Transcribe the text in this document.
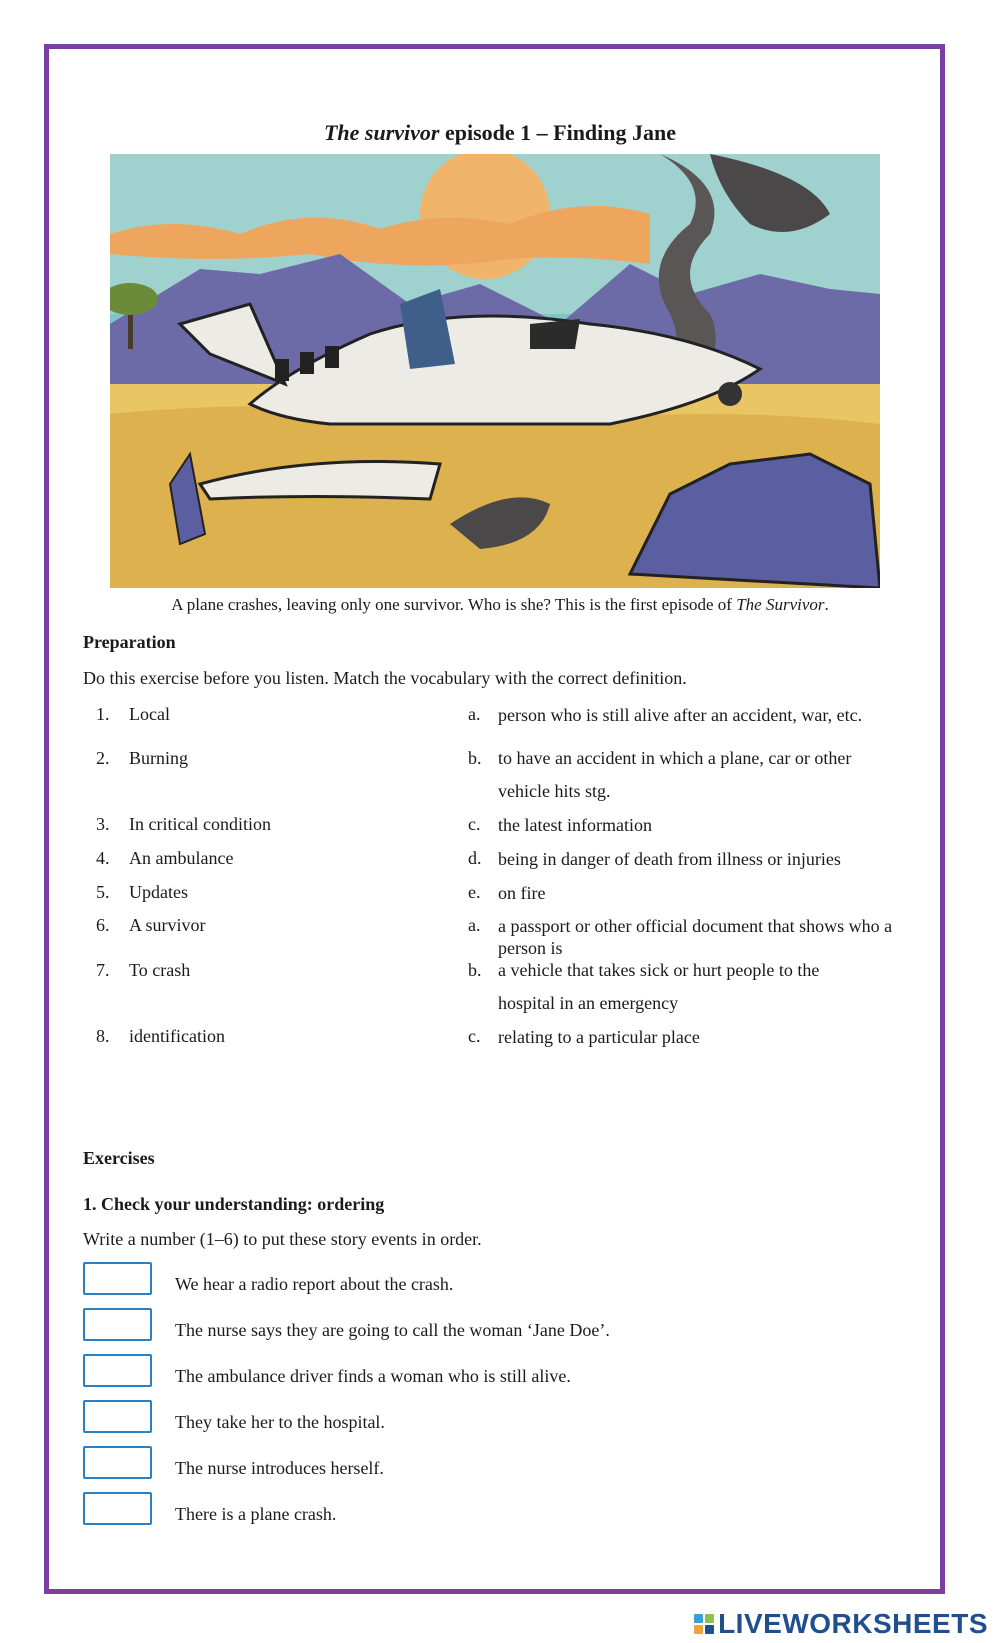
The survivor episode 1 – Finding Jane
A plane crashes, leaving only one survivor. Who is she? This is the first episode of The Survivor.
Preparation
Do this exercise before you listen. Match the vocabulary with the correct definition.
1. Local	a. person who is still alive after an accident, war, etc.
2. Burning	b. to have an accident in which a plane, car or other vehicle hits stg.
3. In critical condition	c. the latest information
4. An ambulance	d. being in danger of death from illness or injuries
5. Updates	e. on fire
6. A survivor	a. a passport or other official document that shows who a person is
7. To crash	b. a vehicle that takes sick or hurt people to the hospital in an emergency
8. identification	c. relating to a particular place
Exercises
1. Check your understanding: ordering
Write a number (1–6) to put these story events in order.
We hear a radio report about the crash.
The nurse says they are going to call the woman ‘Jane Doe’.
The ambulance driver finds a woman who is still alive.
They take her to the hospital.
The nurse introduces herself.
There is a plane crash.
LIVEWORKSHEETS
